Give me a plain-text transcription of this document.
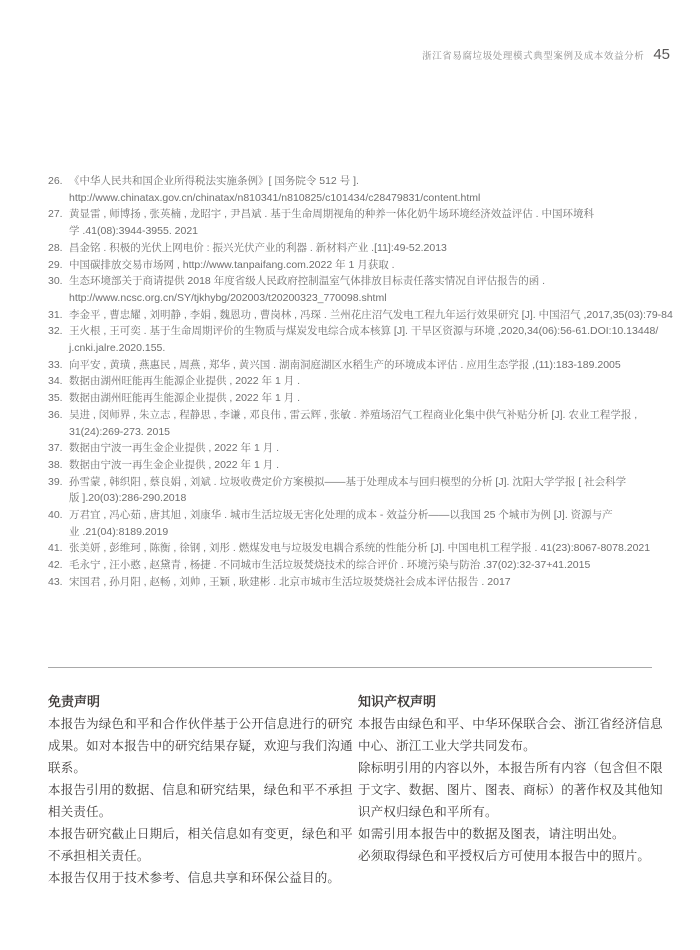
浙江省易腐垃圾处理模式典型案例及成本效益分析 45
26. 《中华人民共和国企业所得税法实施条例》[ 国务院令 512 号 ].
http://www.chinatax.gov.cn/chinatax/n810341/n810825/c101434/c28479831/content.html
27. 黄显雷 , 师博扬 , 张英楠 , 龙昭宇 , 尹昌斌 . 基于生命周期视角的种养一体化奶牛场环境经济效益评估 . 中国环境科
学 .41(08):3944-3955. 2021
28. 昌金铭 . 积极的光伏上网电价 : 振兴光伏产业的利器 . 新材料产业 .[11]:49-52.2013
29. 中国碳排放交易市场网 , http://www.tanpaifang.com.2022 年 1 月获取 .
30. 生态环境部关于商请提供 2018 年度省级人民政府控制温室气体排放目标责任落实情况自评估报告的函 .
http://www.ncsc.org.cn/SY/tjkhybg/202003/t20200323_770098.shtml
31. 李金平 , 曹忠耀 , 刘明静 , 李娟 , 魏恩功 , 曹岗林 , 冯琛 . 兰州花庄沼气发电工程九年运行效果研究 [J]. 中国沼气 ,2017,35(03):79-84
32. 王火根 , 王可奕 . 基于生命周期评价的生物质与煤炭发电综合成本核算 [J]. 干旱区资源与环境 ,2020,34(06):56-61.DOI:10.13448/
j.cnki.jalre.2020.155.
33. 向平安 , 黄璜 , 燕惠民 , 周燕 , 郑华 , 黄兴国 . 湖南洞庭湖区水稻生产的环境成本评估 . 应用生态学报 ,(11):183-189.2005
34. 数据由湖州旺能再生能源企业提供 , 2022 年 1 月 .
35. 数据由湖州旺能再生能源企业提供 , 2022 年 1 月 .
36. 吴进 , 闵师界 , 朱立志 , 程静思 , 李谦 , 邓良伟 , 雷云辉 , 张敏 . 养殖场沼气工程商业化集中供气补贴分析 [J]. 农业工程学报 ,
31(24):269-273. 2015
37. 数据由宁波一再生金企业提供 , 2022 年 1 月 .
38. 数据由宁波一再生金企业提供 , 2022 年 1 月 .
39. 孙雪蒙 , 韩织阳 , 蔡良娟 , 刘斌 . 垃圾收费定价方案模拟——基于处理成本与回归模型的分析 [J]. 沈阳大学学报 [ 社会科学
版 ].20(03):286-290.2018
40. 万君宜 , 冯心茹 , 唐其旭 , 刘康华 . 城市生活垃圾无害化处理的成本 - 效益分析——以我国 25 个城市为例 [J]. 资源与产
业 .21(04):8189.2019
41. 张美妍 , 彭维珂 , 陈衡 , 徐钢 , 刘彤 . 燃煤发电与垃圾发电耦合系统的性能分析 [J]. 中国电机工程学报 . 41(23):8067-8078.2021
42. 毛永宁 , 汪小憨 , 赵黛青 , 杨捷 . 不同城市生活垃圾焚烧技术的综合评价 . 环境污染与防治 .37(02):32-37+41.2015
43. 宋国君 , 孙月阳 , 赵畅 , 刘帅 , 王颖 , 耿建彬 . 北京市城市生活垃圾焚烧社会成本评估报告 . 2017
免责声明
本报告为绿色和平和合作伙伴基于公开信息进行的研究
成果。如对本报告中的研究结果存疑，欢迎与我们沟通
联系。
本报告引用的数据、信息和研究结果，绿色和平不承担
相关责任。
本报告研究截止日期后，相关信息如有变更，绿色和平
不承担相关责任。
本报告仅用于技术参考、信息共享和环保公益目的。
知识产权声明
本报告由绿色和平、中华环保联合会、浙江省经济信息
中心、浙江工业大学共同发布。
除标明引用的内容以外，本报告所有内容（包含但不限
于文字、数据、图片、图表、商标）的著作权及其他知
识产权归绿色和平所有。
如需引用本报告中的数据及图表，请注明出处。
必须取得绿色和平授权后方可使用本报告中的照片。
